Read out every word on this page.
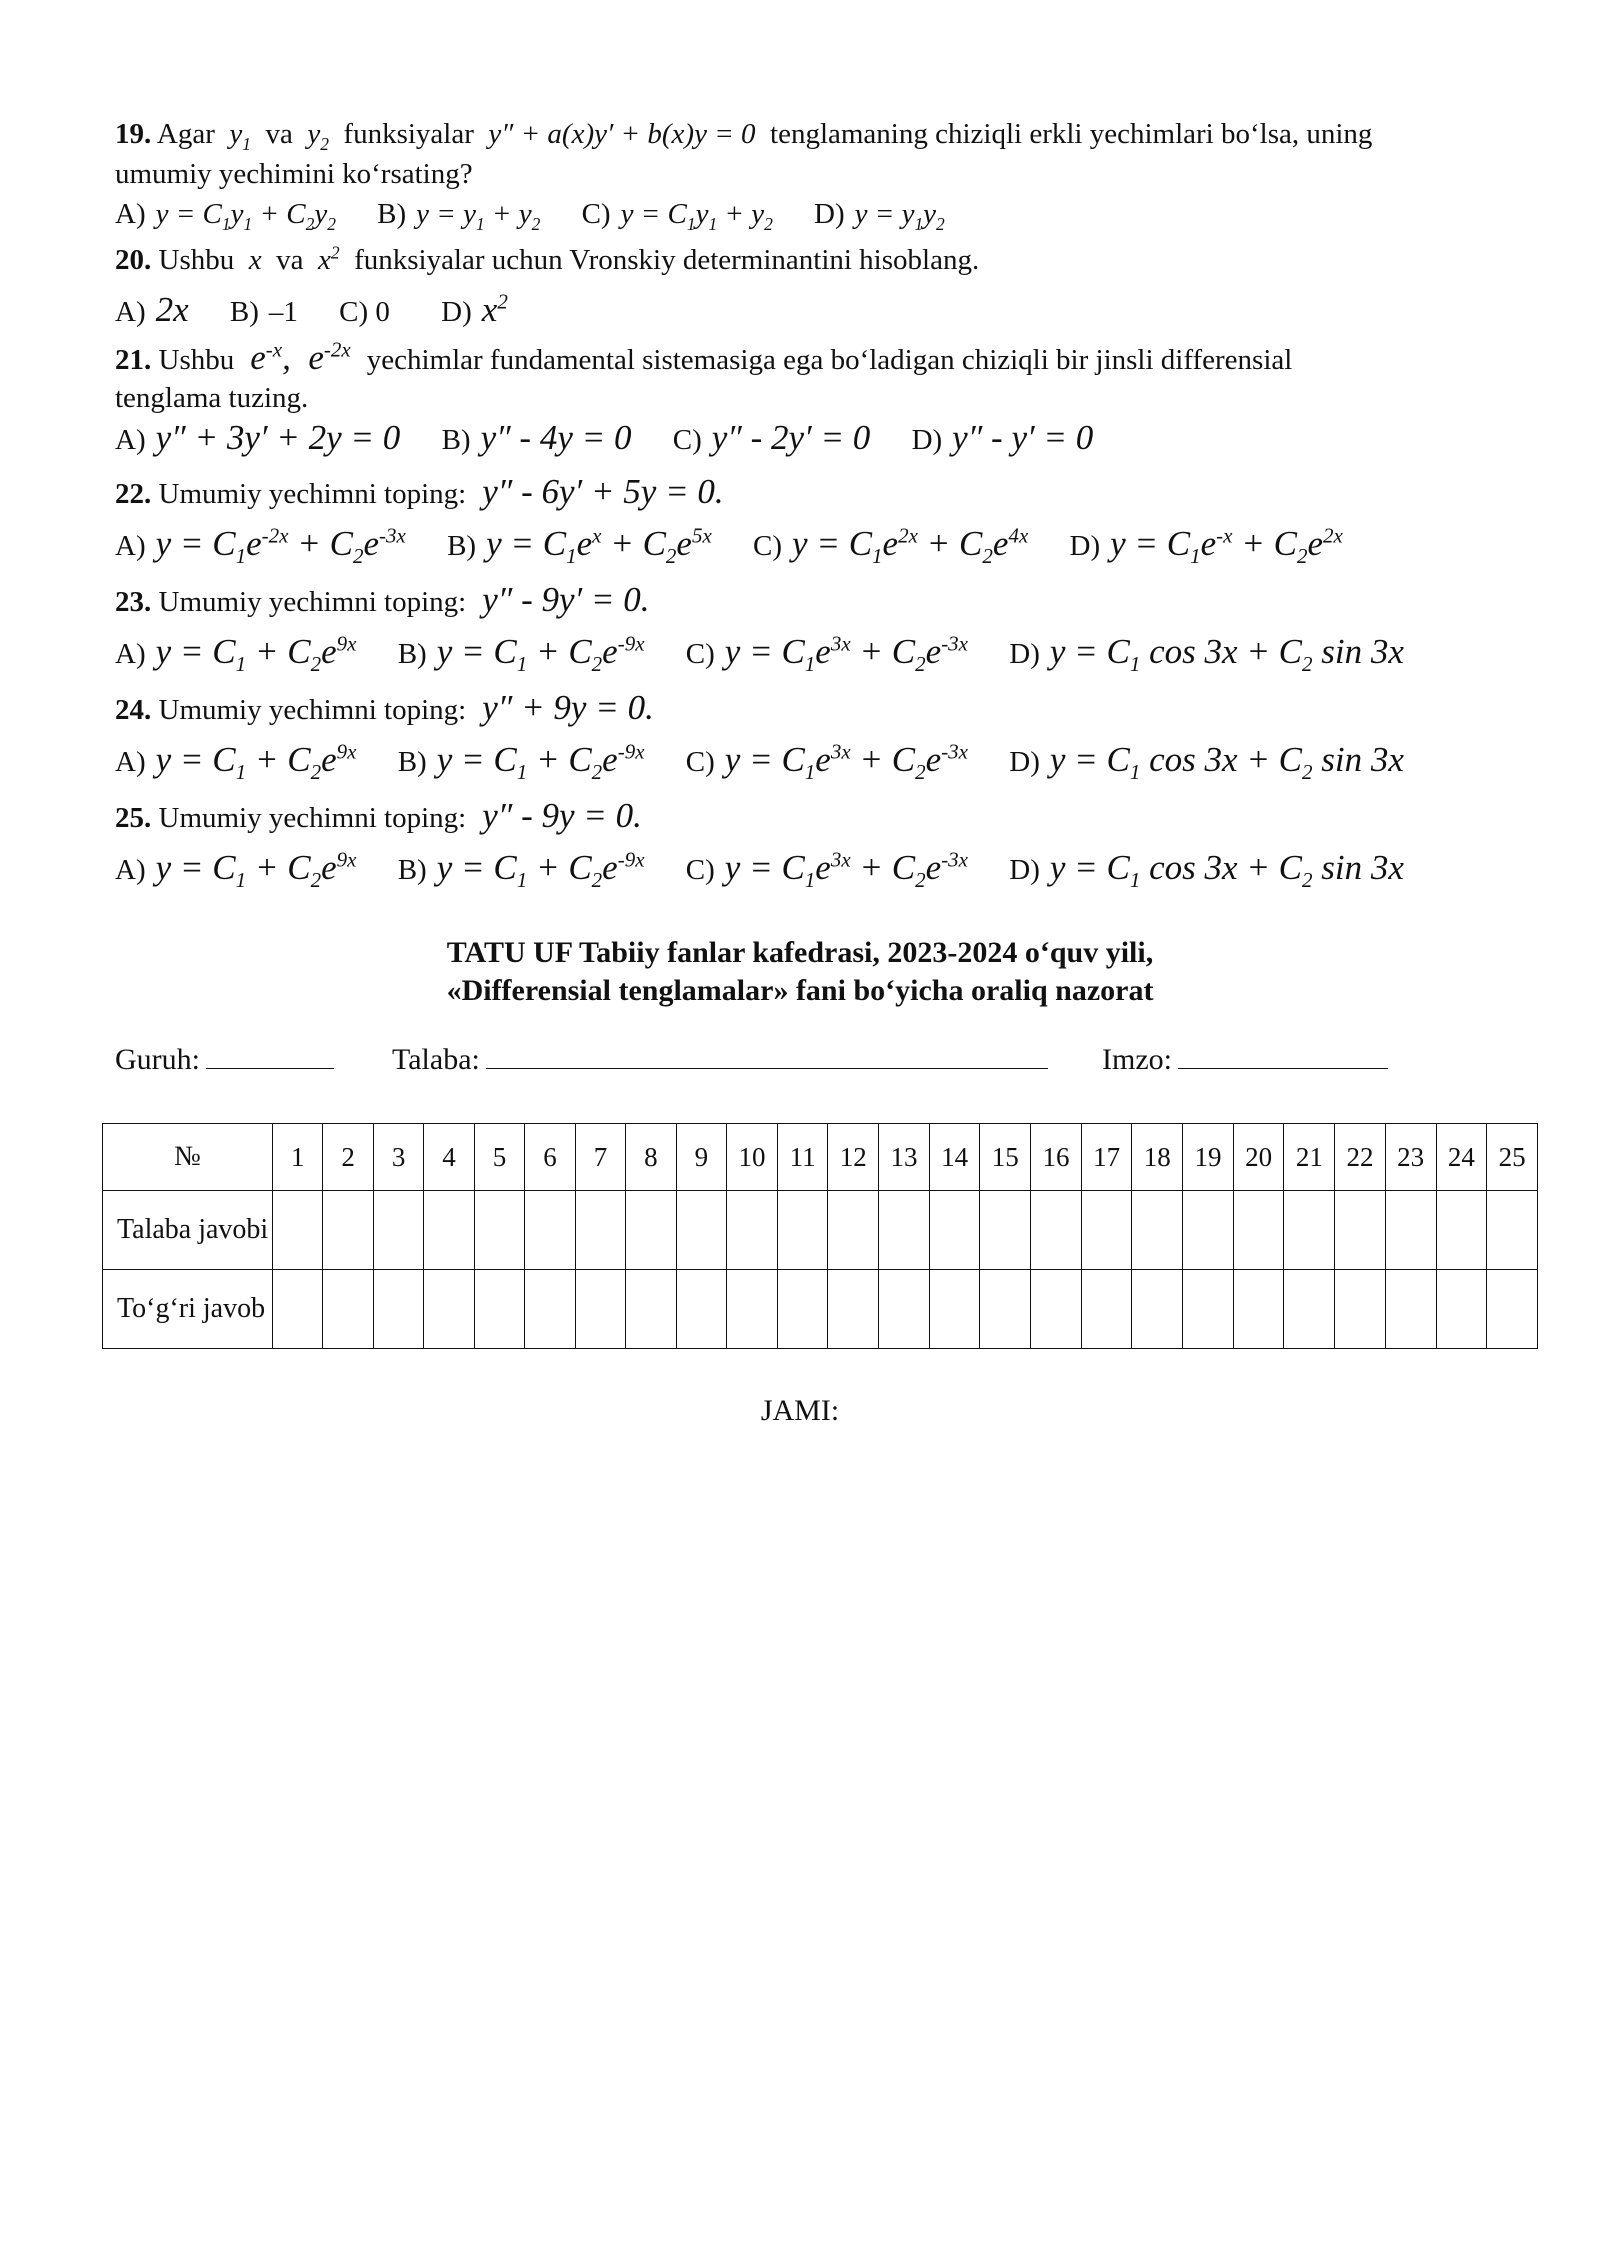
19. Agar  $y_1$ va  $y_2$ funksiyalar  y″ + a(x)y′ + b(x)y = 0  tenglamaning chiziqli erkli yechimlari bo‘lsa, uning
umumiy yechimini ko‘rsating?
A) $y = C_1y_1 + C_2y_2$ B) $y = y_1 + y_2$ C) $y = C_1y_1 + y_2$ D) $y = y_1y_2$
20. Ushbu  x  va  $x^2$ funksiyalar uchun Vronskiy determinantini hisoblang.
A) 2x B) –1 C) 0 D) $x^2$
21. Ushbu  $e^{-x}$,  $e^{-2x}$ yechimlar fundamental sistemasiga ega bo‘ladigan chiziqli bir jinsli differensial
tenglama tuzing.
A) y″ + 3y′ + 2y = 0 B) y″ - 4y = 0 C) y″ - 2y′ = 0 D) y″ - y′ = 0
22. Umumiy yechimni toping:  y″ - 6y′ + 5y = 0.
A) $y = C_1e^{-2x} + C_2e^{-3x}$ B) $y = C_1e^x + C_2e^{5x}$ C) $y = C_1e^{2x} + C_2e^{4x}$ D) $y = C_1e^{-x} + C_2e^{2x}$
23. Umumiy yechimni toping:  y″ - 9y′ = 0.
A) $y = C_1 + C_2e^{9x}$ B) $y = C_1 + C_2e^{-9x}$ C) $y = C_1e^{3x} + C_2e^{-3x}$ D) $y = C_1$ $\cos 3x + C_2$ sin 3x
24. Umumiy yechimni toping:  y″ + 9y = 0.
A) $y = C_1 + C_2e^{9x}$ B) $y = C_1 + C_2e^{-9x}$ C) $y = C_1e^{3x} + C_2e^{-3x}$ D) $y = C_1$ $\cos 3x + C_2$ sin 3x
25. Umumiy yechimni toping:  y″ - 9y = 0.
A) $y = C_1 + C_2e^{9x}$ B) $y = C_1 + C_2e^{-9x}$ C) $y = C_1e^{3x} + C_2e^{-3x}$ D) $y = C_1$ $\cos 3x + C_2$ sin 3x
TATU UF Tabiiy fanlar kafedrasi, 2023-2024 o‘quv yili,
«Differensial tenglamalar» fani bo‘yicha oraliq nazorat
Guruh:	Talaba:	Imzo:
№	1	2	3	4	5	6	7	8	9	10	11	12	13	14	15	16	17	18	19	20	21	22	23	24	25
Talaba javobi																									
To‘g‘ri javob																									
JAMI:
